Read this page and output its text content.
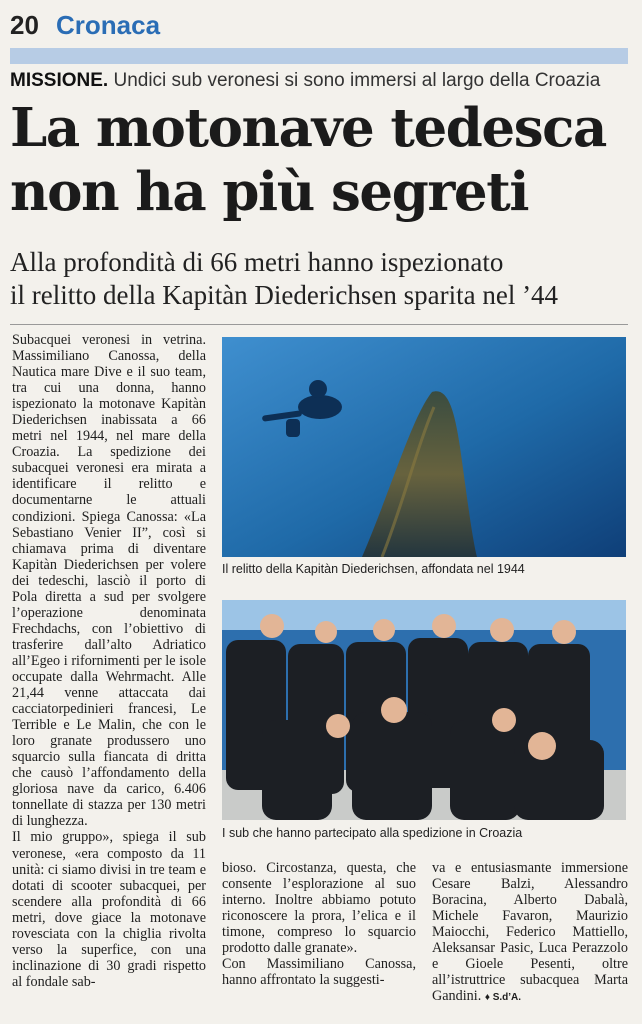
20 Cronaca
MISSIONE. Undici sub veronesi si sono immersi al largo della Croazia
La motonave tedesca
non ha più segreti
Alla profondità di 66 metri hanno ispezionato
il relitto della Kapitàn Diederichsen sparita nel ’44

Subacquei veronesi in vetrina. Massimiliano Canossa, della Nautica mare Dive e il suo team, tra cui una donna, hanno ispezionato la motonave Kapitàn Diederichsen inabissata a 66 metri nel 1944, nel mare della Croazia. La spedizione dei subacquei veronesi era mirata a identificare il relitto e documentarne le attuali condizioni. Spiega Canossa: «La Sebastiano Venier II”, così si chiamava prima di diventare Kapitàn Diederichsen per volere dei tedeschi, lasciò il porto di Pola diretta a sud per svolgere l’operazione denominata Frechdachs, con l’obiettivo di trasferire dall’alto Adriatico all’Egeo i rifornimenti per le isole occupate dalla Wehrmacht. Alle 21,44 venne attaccata dai cacciatorpedinieri francesi, Le Terrible e Le Malin, che con le loro granate produssero uno squarcio sulla fiancata di dritta che causò l’affondamento della gloriosa nave da carico, 6.406 tonnellate di stazza per 130 metri di lunghezza.

Il mio gruppo», spiega il sub veronese, «era composto da 11 unità: ci siamo divisi in tre team e dotati di scooter subacquei, per scendere alla profondità di 66 metri, dove giace la motonave rovesciata con la chiglia rivolta verso la superfice, con una inclinazione di 30 gradi rispetto al fondale sab-

Il relitto della Kapitàn Diederichsen, affondata nel 1944
I sub che hanno partecipato alla spedizione in Croazia

bioso. Circostanza, questa, che consente l’esplorazione al suo interno. Inoltre abbiamo potuto riconoscere la prora, l’elica e il timone, compreso lo squarcio prodotto dalle granate».

Con Massimiliano Canossa, hanno affrontato la suggesti-

va e entusiasmante immersione Cesare Balzi, Alessandro Boracina, Alberto Dabalà, Michele Favaron, Maurizio Maiocchi, Federico Mattiello, Aleksansar Pasic, Luca Perazzolo e Gioele Pesenti, oltre all’istruttrice subacquea Marta Gandini. ♦ S.d’A.
